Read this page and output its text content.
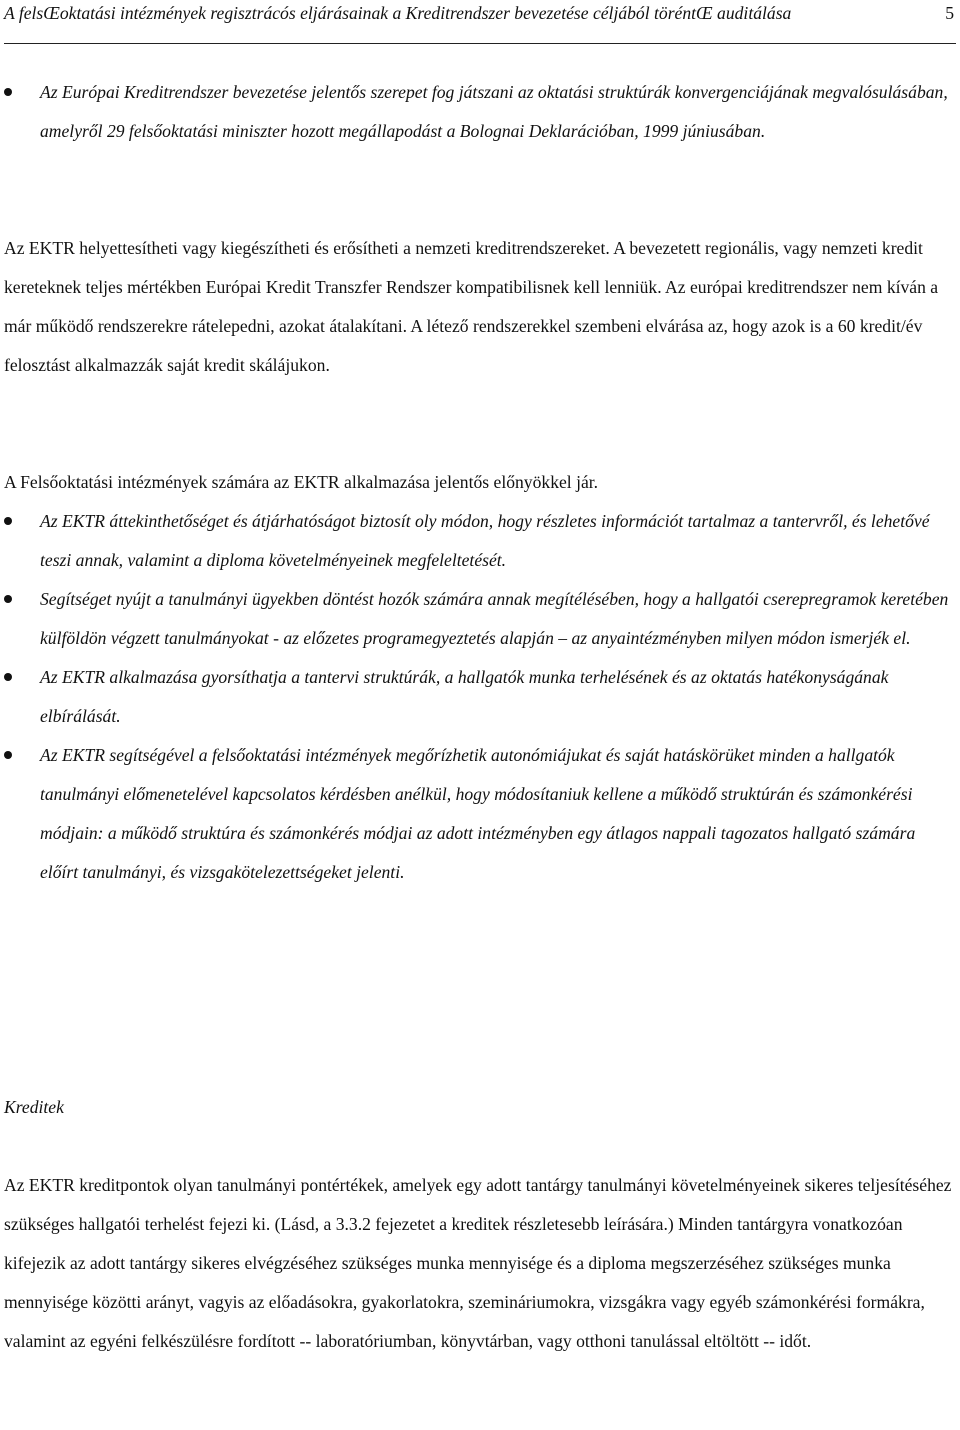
A felsŒoktatási intézmények regisztrácós eljárásainak a Kreditrendszer bevezetése céljából töréntŒ auditálása	5
Az Európai Kreditrendszer bevezetése jelentős szerepet fog játszani az oktatási struktúrák konvergenciájának megvalósulásában, amelyről 29 felsőoktatási miniszter hozott megállapodást a Bolognai Deklarációban, 1999 júniusában.

Az EKTR helyettesítheti vagy kiegészítheti és erősítheti a nemzeti kreditrendszereket. A bevezetett regionális, vagy nemzeti kredit kereteknek teljes mértékben Európai Kredit Transzfer Rendszer kompatibilisnek kell lenniük. Az európai kreditrendszer nem kíván a már működő rendszerekre rátelepedni, azokat átalakítani. A létező rendszerekkel szembeni elvárása az, hogy azok is a 60 kredit/év felosztást alkalmazzák saját kredit skálájukon.

A Felsőoktatási intézmények számára az EKTR alkalmazása jelentős előnyökkel jár.

Az EKTR áttekinthetőséget és átjárhatóságot biztosít oly módon, hogy részletes információt tartalmaz a tantervről, és lehetővé teszi annak, valamint a diploma követelményeinek megfeleltetését.
Segítséget nyújt a tanulmányi ügyekben döntést hozók számára annak megítélésében, hogy a hallgatói cserepregramok keretében külföldön végzett tanulmányokat - az előzetes programegyeztetés alapján – az anyaintézményben milyen módon ismerjék el.
Az EKTR alkalmazása gyorsíthatja a tantervi struktúrák, a hallgatók munka terhelésének és az oktatás hatékonyságának elbírálását.
Az EKTR segítségével a felsőoktatási intézmények megőrízhetik autonómiájukat és saját hatáskörüket minden a hallgatók tanulmányi előmenetelével kapcsolatos kérdésben anélkül, hogy módosítaniuk kellene a működő struktúrán és számonkérési módjain: a működő struktúra és számonkérés módjai az adott intézményben egy átlagos nappali tagozatos hallgató számára előírt tanulmányi, és vizsgakötelezettségeket jelenti.

Kreditek

Az EKTR kreditpontok olyan tanulmányi pontértékek, amelyek egy adott tantárgy tanulmányi követelményeinek sikeres teljesítéséhez szükséges hallgatói terhelést fejezi ki. (Lásd, a 3.3.2 fejezetet a kreditek részletesebb leírására.) Minden tantárgyra vonatkozóan kifejezik az adott tantárgy sikeres elvégzéséhez szükséges munka mennyisége és a diploma megszerzéséhez szükséges munka mennyisége közötti arányt, vagyis az előadásokra, gyakorlatokra, szemináriumokra, vizsgákra vagy egyéb számonkérési formákra, valamint az egyéni felkészülésre fordított -- laboratóriumban, könyvtárban, vagy otthoni tanulással eltöltött -- időt.
